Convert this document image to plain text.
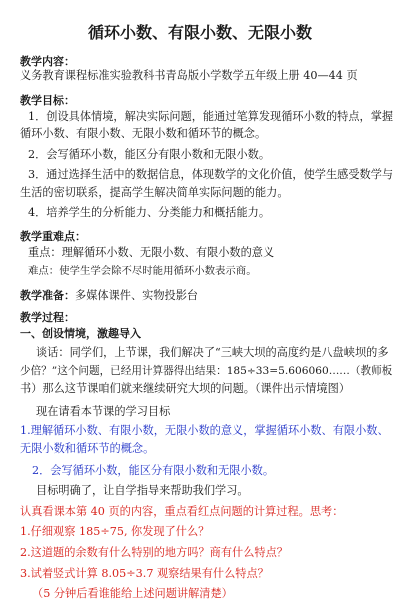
循环小数、有限小数、无限小数
教学内容：
义务教育课程标准实验教科书青岛版小学数学五年级上册 40—44 页
教学目标：
1．创设具体情境，解决实际问题，能通过笔算发现循环小数的特点，掌握
循环小数、有限小数、无限小数和循环节的概念。
2．会写循环小数，能区分有限小数和无限小数。
3．通过选择生活中的数据信息，体现数学的文化价值，使学生感受数学与
生活的密切联系，提高学生解决简单实际问题的能力。
4．培养学生的分析能力、分类能力和概括能力。
教学重难点：
重点：理解循环小数、无限小数、有限小数的意义
难点：使学生学会除不尽时能用循环小数表示商。
教学准备：多媒体课件、实物投影台
教学过程：
一、创设情境，激趣导入
谈话：同学们，上节课，我们解决了“三峡大坝的高度约是八盘峡坝的多
少倍？”这个问题，已经用计算器得出结果：185÷33=5.606060……（教师板
书）那么这节课咱们就来继续研究大坝的问题。（课件出示情境图）
现在请看本节课的学习目标
1.理解循环小数、有限小数，无限小数的意义，掌握循环小数、有限小数、
无限小数和循环节的概念。
2．会写循环小数，能区分有限小数和无限小数。
目标明确了，让自学指导来帮助我们学习。
认真看课本第 40 页的内容，重点看红点问题的计算过程。思考：
1.仔细观察 185÷75, 你发现了什么？
2.这道题的余数有什么特别的地方吗？商有什么特点？
3.试着竖式计算 8.05÷3.7 观察结果有什么特点？
（5 分钟后看谁能给上述问题讲解清楚）
